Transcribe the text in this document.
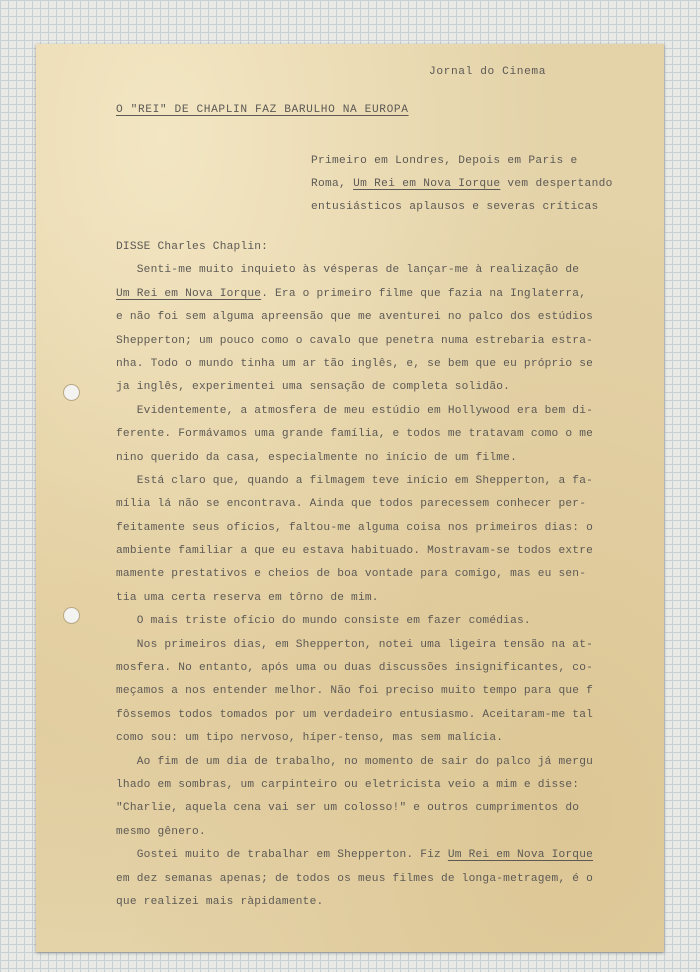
Jornal do Cinema
O "REI" DE CHAPLIN FAZ BARULHO NA EUROPA
Primeiro em Londres, Depois em Paris e
Roma, Um Rei em Nova Iorque vem despertando
entusiásticos aplausos e severas críticas
DISSE Charles Chaplin:
Senti-me muito inquieto às vésperas de lançar-me à realização de
Um Rei em Nova Iorque. Era o primeiro filme que fazia na Inglaterra,
e não foi sem alguma apreensão que me aventurei no palco dos estúdios
Shepperton; um pouco como o cavalo que penetra numa estrebaria estra-
nha. Todo o mundo tinha um ar tão inglês, e, se bem que eu próprio se
ja inglês, experimentei uma sensação de completa solidão.
Evidentemente, a atmosfera de meu estúdio em Hollywood era bem di-
ferente. Formávamos uma grande família, e todos me tratavam como o me
nino querido da casa, especialmente no início de um filme.
Está claro que, quando a filmagem teve início em Shepperton, a fa-
mília lá não se encontrava. Ainda que todos parecessem conhecer per-
feitamente seus ofícios, faltou-me alguma coisa nos primeiros dias: o
ambiente familiar a que eu estava habituado. Mostravam-se todos extre
mamente prestativos e cheios de boa vontade para comigo, mas eu sen-
tia uma certa reserva em tôrno de mim.
O mais triste ofício do mundo consiste em fazer comédias.
Nos primeiros dias, em Shepperton, notei uma ligeira tensão na at-
mosfera. No entanto, após uma ou duas discussões insignificantes, co-
meçamos a nos entender melhor. Não foi preciso muito tempo para que f
fôssemos todos tomados por um verdadeiro entusiasmo. Aceitaram-me tal
como sou: um tipo nervoso, híper-tenso, mas sem malícia.
Ao fim de um dia de trabalho, no momento de sair do palco já mergu
lhado em sombras, um carpinteiro ou eletricista veio a mim e disse:
"Charlie, aquela cena vai ser um colosso!" e outros cumprimentos do
mesmo gênero.
Gostei muito de trabalhar em Shepperton. Fiz Um Rei em Nova Iorque
em dez semanas apenas; de todos os meus filmes de longa-metragem, é o
que realizei mais ràpidamente.
